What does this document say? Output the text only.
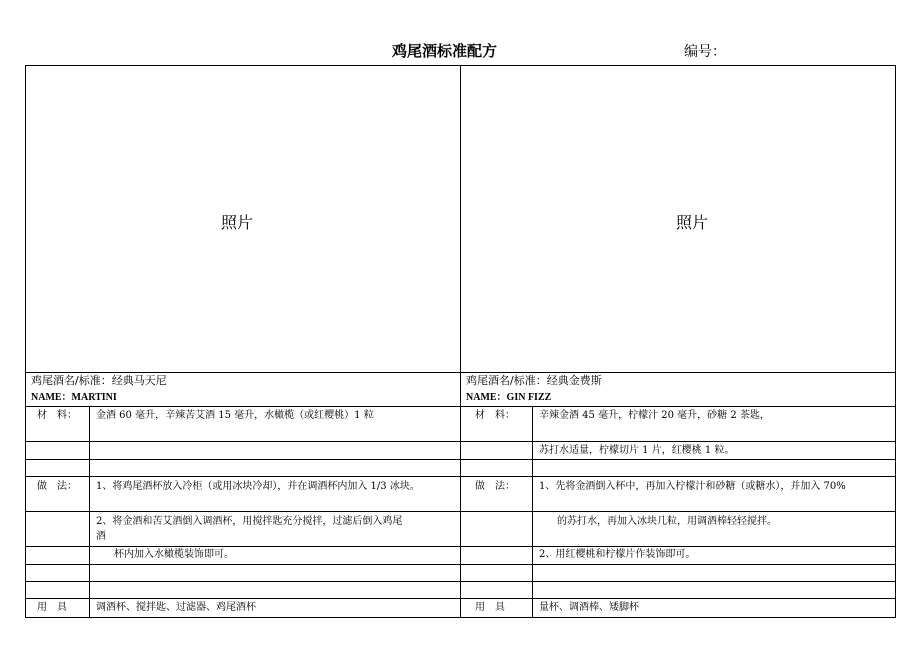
鸡尾酒标准配方	编号：
照片	照片
鸡尾酒名/标准：经典马天尼
NAME：MARTINI
鸡尾酒名/标准：经典金费斯
NAME：GIN FIZZ
材　料： 金酒 60 毫升，辛辣苦艾酒 15 毫升，水橄榄（或红樱桃）1 粒
做　法： 1、将鸡尾酒杯放入冷柜（或用冰块冷却），并在调酒杯内加入 1/3 冰块。
2、将金酒和苦艾酒倒入调酒杯，用搅拌匙充分搅拌，过滤后倒入鸡尾
酒
杯内加入水橄榄装饰即可。
用　具	调酒杯、搅拌匙、过滤器、鸡尾酒杯
材　料： 辛辣金酒 45 毫升，柠檬汁 20 毫升，砂糖 2 茶匙，
苏打水适量，柠檬切片 1 片，红樱桃 1 粒。
做　法： 1、先将金酒倒入杯中，再加入柠檬汁和砂糖（或糖水），并加入 70%
的苏打水，再加入冰块几粒，用调酒棒轻轻搅拌。
2、用红樱桃和柠檬片作装饰即可。
用　具	量杯、调酒棒、矮脚杯
